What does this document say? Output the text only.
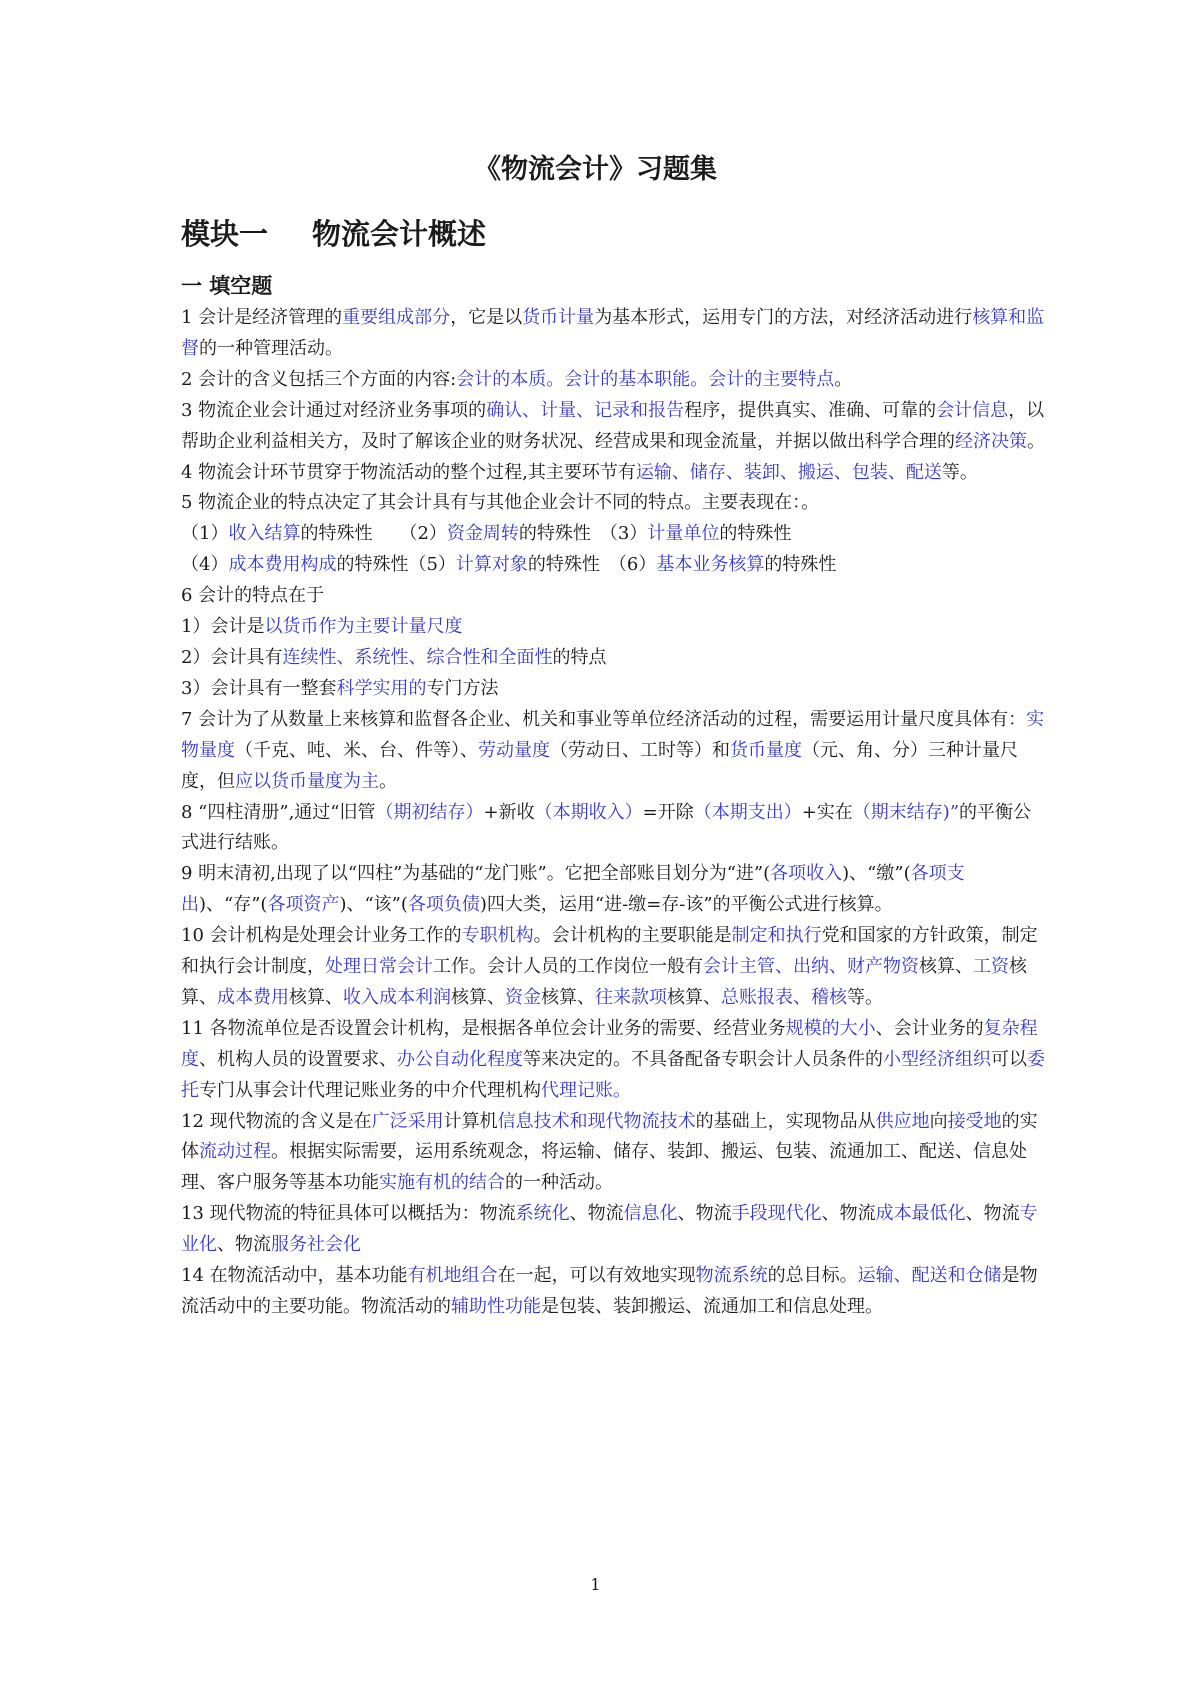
《物流会计》习题集
模块一 物流会计概述
一 填空题

1 会计是经济管理的重要组成部分，它是以货币计量为基本形式，运用专门的方法，对经济活动进行核算和监督的一种管理活动。

2 会计的含义包括三个方面的内容:会计的本质。会计的基本职能。会计的主要特点。

3 物流企业会计通过对经济业务事项的确认、计量、记录和报告程序，提供真实、准确、可靠的会计信息，以帮助企业利益相关方，及时了解该企业的财务状况、经营成果和现金流量，并据以做出科学合理的经济决策。

4 物流会计环节贯穿于物流活动的整个过程,其主要环节有运输、储存、装卸、搬运、包装、配送等。

5 物流企业的特点决定了其会计具有与其他企业会计不同的特点。主要表现在：。

（1）收入结算的特殊性　　（2）资金周转的特殊性　（3）计量单位的特殊性

（4）成本费用构成的特殊性（5）计算对象的特殊性　（6）基本业务核算的特殊性

6 会计的特点在于

1）会计是以货币作为主要计量尺度

2）会计具有连续性、系统性、综合性和全面性的特点

3）会计具有一整套科学实用的专门方法

7 会计为了从数量上来核算和监督各企业、机关和事业等单位经济活动的过程，需要运用计量尺度具体有：实物量度（千克、吨、米、台、件等）、劳动量度（劳动日、工时等）和货币量度（元、角、分）三种计量尺度，但应以货币量度为主。

8 “四柱清册”,通过“旧管（期初结存）+新收（本期收入）=开除（本期支出）+实在（期末结存)”的平衡公式进行结账。

9 明末清初,出现了以“四柱”为基础的“龙门账”。它把全部账目划分为“进”(各项收入)、“缴”(各项支出)、“存”(各项资产)、“该”(各项负债)四大类，运用“进-缴=存-该”的平衡公式进行核算。

10 会计机构是处理会计业务工作的专职机构。会计机构的主要职能是制定和执行党和国家的方针政策，制定和执行会计制度，处理日常会计工作。会计人员的工作岗位一般有会计主管、出纳、财产物资核算、工资核算、成本费用核算、收入成本利润核算、资金核算、往来款项核算、总账报表、稽核等。

11 各物流单位是否设置会计机构，是根据各单位会计业务的需要、经营业务规模的大小、会计业务的复杂程度、机构人员的设置要求、办公自动化程度等来决定的。不具备配备专职会计人员条件的小型经济组织可以委托专门从事会计代理记账业务的中介代理机构代理记账。

12 现代物流的含义是在广泛采用计算机信息技术和现代物流技术的基础上，实现物品从供应地向接受地的实体流动过程。根据实际需要，运用系统观念，将运输、储存、装卸、搬运、包装、流通加工、配送、信息处理、客户服务等基本功能实施有机的结合的一种活动。

13 现代物流的特征具体可以概括为：物流系统化、物流信息化、物流手段现代化、物流成本最低化、物流专业化、物流服务社会化

14 在物流活动中，基本功能有机地组合在一起，可以有效地实现物流系统的总目标。运输、配送和仓储是物流活动中的主要功能。物流活动的辅助性功能是包装、装卸搬运、流通加工和信息处理。

1
